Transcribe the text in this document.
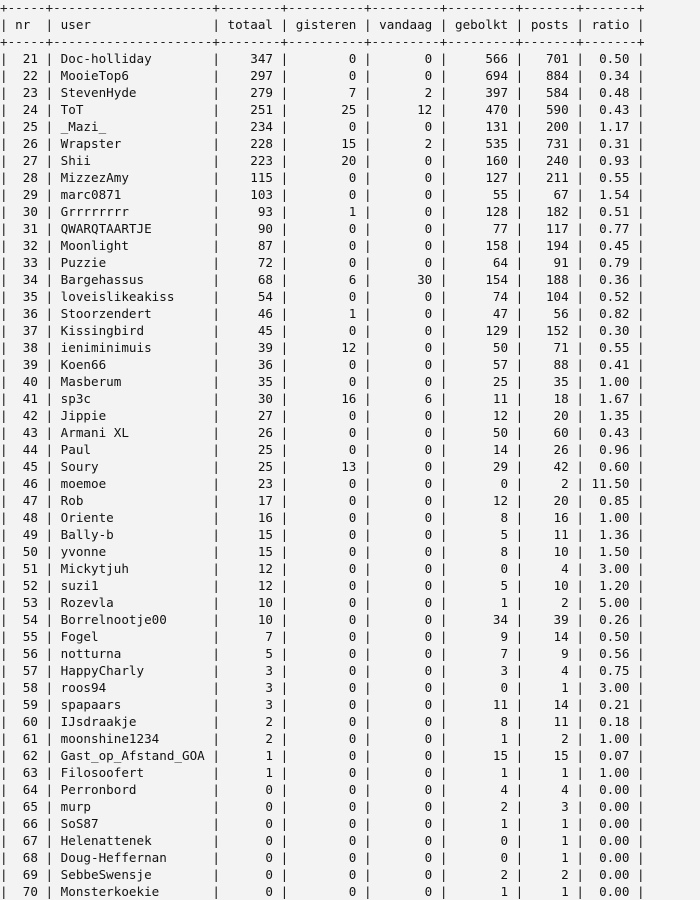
+-----+---------------------+--------+----------+---------+---------+-------+-------+
| nr  | user                | totaal | gisteren | vandaag | gebolkt | posts | ratio |
+-----+---------------------+--------+----------+---------+---------+-------+-------+
|  21 | Doc-holliday        |    347 |        0 |       0 |     566 |   701 |  0.50 |
|  22 | MooieTop6           |    297 |        0 |       0 |     694 |   884 |  0.34 |
|  23 | StevenHyde          |    279 |        7 |       2 |     397 |   584 |  0.48 |
|  24 | ToT                 |    251 |       25 |      12 |     470 |   590 |  0.43 |
|  25 | _Mazi_              |    234 |        0 |       0 |     131 |   200 |  1.17 |
|  26 | Wrapster            |    228 |       15 |       2 |     535 |   731 |  0.31 |
|  27 | Shii                |    223 |       20 |       0 |     160 |   240 |  0.93 |
|  28 | MizzezAmy           |    115 |        0 |       0 |     127 |   211 |  0.55 |
|  29 | marc0871            |    103 |        0 |       0 |      55 |    67 |  1.54 |
|  30 | Grrrrrrrr           |     93 |        1 |       0 |     128 |   182 |  0.51 |
|  31 | QWARQTAARTJE        |     90 |        0 |       0 |      77 |   117 |  0.77 |
|  32 | Moonlight           |     87 |        0 |       0 |     158 |   194 |  0.45 |
|  33 | Puzzie              |     72 |        0 |       0 |      64 |    91 |  0.79 |
|  34 | Bargehassus         |     68 |        6 |      30 |     154 |   188 |  0.36 |
|  35 | loveislikeakiss     |     54 |        0 |       0 |      74 |   104 |  0.52 |
|  36 | Stoorzendert        |     46 |        1 |       0 |      47 |    56 |  0.82 |
|  37 | Kissingbird         |     45 |        0 |       0 |     129 |   152 |  0.30 |
|  38 | ieniminimuis        |     39 |       12 |       0 |      50 |    71 |  0.55 |
|  39 | Koen66              |     36 |        0 |       0 |      57 |    88 |  0.41 |
|  40 | Masberum            |     35 |        0 |       0 |      25 |    35 |  1.00 |
|  41 | sp3c                |     30 |       16 |       6 |      11 |    18 |  1.67 |
|  42 | Jippie              |     27 |        0 |       0 |      12 |    20 |  1.35 |
|  43 | Armani XL           |     26 |        0 |       0 |      50 |    60 |  0.43 |
|  44 | Paul                |     25 |        0 |       0 |      14 |    26 |  0.96 |
|  45 | Soury               |     25 |       13 |       0 |      29 |    42 |  0.60 |
|  46 | moemoe              |     23 |        0 |       0 |       0 |     2 | 11.50 |
|  47 | Rob                 |     17 |        0 |       0 |      12 |    20 |  0.85 |
|  48 | Oriente             |     16 |        0 |       0 |       8 |    16 |  1.00 |
|  49 | Bally-b             |     15 |        0 |       0 |       5 |    11 |  1.36 |
|  50 | yvonne              |     15 |        0 |       0 |       8 |    10 |  1.50 |
|  51 | Mickytjuh           |     12 |        0 |       0 |       0 |     4 |  3.00 |
|  52 | suzi1               |     12 |        0 |       0 |       5 |    10 |  1.20 |
|  53 | Rozevla             |     10 |        0 |       0 |       1 |     2 |  5.00 |
|  54 | Borrelnootje00      |     10 |        0 |       0 |      34 |    39 |  0.26 |
|  55 | Fogel               |      7 |        0 |       0 |       9 |    14 |  0.50 |
|  56 | notturna            |      5 |        0 |       0 |       7 |     9 |  0.56 |
|  57 | HappyCharly         |      3 |        0 |       0 |       3 |     4 |  0.75 |
|  58 | roos94              |      3 |        0 |       0 |       0 |     1 |  3.00 |
|  59 | spapaars            |      3 |        0 |       0 |      11 |    14 |  0.21 |
|  60 | IJsdraakje          |      2 |        0 |       0 |       8 |    11 |  0.18 |
|  61 | moonshine1234       |      2 |        0 |       0 |       1 |     2 |  1.00 |
|  62 | Gast_op_Afstand_GOA |      1 |        0 |       0 |      15 |    15 |  0.07 |
|  63 | Filosoofert         |      1 |        0 |       0 |       1 |     1 |  1.00 |
|  64 | Perronbord          |      0 |        0 |       0 |       4 |     4 |  0.00 |
|  65 | murp                |      0 |        0 |       0 |       2 |     3 |  0.00 |
|  66 | SoS87               |      0 |        0 |       0 |       1 |     1 |  0.00 |
|  67 | Helenattenek        |      0 |        0 |       0 |       0 |     1 |  0.00 |
|  68 | Doug-Heffernan      |      0 |        0 |       0 |       0 |     1 |  0.00 |
|  69 | SebbeSwensje        |      0 |        0 |       0 |       2 |     2 |  0.00 |
|  70 | Monsterkoekie       |      0 |        0 |       0 |       1 |     1 |  0.00 |
